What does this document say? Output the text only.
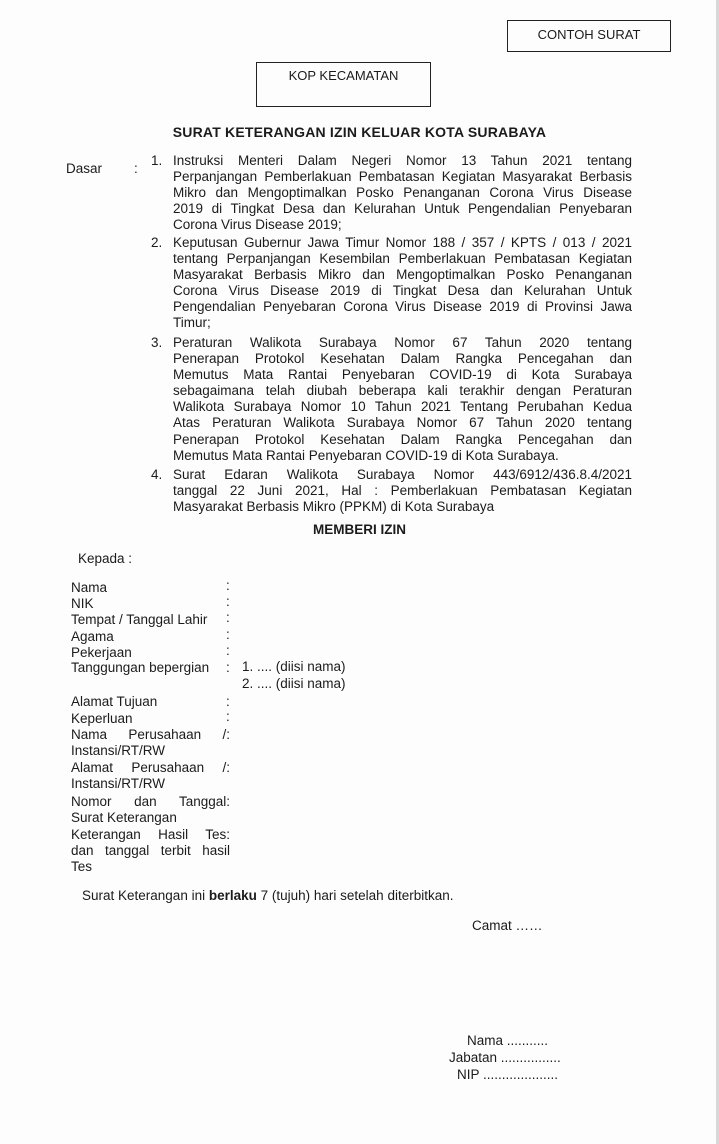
CONTOH SURAT
KOP KECAMATAN
SURAT KETERANGAN IZIN KELUAR KOTA SURABAYA
Dasar :
1. Instruksi Menteri Dalam Negeri Nomor 13 Tahun 2021 tentang

Perpanjangan Pemberlakuan Pembatasan Kegiatan Masyarakat Berbasis

Mikro dan Mengoptimalkan Posko Penanganan Corona Virus Disease

2019 di Tingkat Desa dan Kelurahan Untuk Pengendalian Penyebaran

Corona Virus Disease 2019;

2. Keputusan Gubernur Jawa Timur Nomor 188 / 357 / KPTS / 013 / 2021

tentang Perpanjangan Kesembilan Pemberlakuan Pembatasan Kegiatan

Masyarakat Berbasis Mikro dan Mengoptimalkan Posko Penanganan

Corona Virus Disease 2019 di Tingkat Desa dan Kelurahan Untuk

Pengendalian Penyebaran Corona Virus Disease 2019 di Provinsi Jawa

Timur;

3. Peraturan Walikota Surabaya Nomor 67 Tahun 2020 tentang

Penerapan Protokol Kesehatan Dalam Rangka Pencegahan dan

Memutus Mata Rantai Penyebaran COVID-19 di Kota Surabaya

sebagaimana telah diubah beberapa kali terakhir dengan Peraturan

Walikota Surabaya Nomor 10 Tahun 2021 Tentang Perubahan Kedua

Atas Peraturan Walikota Surabaya Nomor 67 Tahun 2020 tentang

Penerapan Protokol Kesehatan Dalam Rangka Pencegahan dan

Memutus Mata Rantai Penyebaran COVID-19 di Kota Surabaya.

4. Surat Edaran Walikota Surabaya Nomor 443/6912/436.8.4/2021

tanggal 22 Juni 2021, Hal : Pemberlakuan Pembatasan Kegiatan

Masyarakat Berbasis Mikro (PPKM) di Kota Surabaya

MEMBERI IZIN
Kepada :
Nama	:
NIK	:
Tempat / Tanggal Lahir :
Agama	:
Pekerjaan	:
Tanggungan bepergian : 1. .... (diisi nama)
2. .... (diisi nama)
Alamat Tujuan	:
Keperluan	:
Nama Perusahaan /:
Instansi/RT/RW
Alamat Perusahaan /:
Instansi/RT/RW
Nomor dan Tanggal:
Surat Keterangan
Keterangan Hasil Tes:
dan tanggal terbit hasil
Tes
Surat Keterangan ini berlaku 7 (tujuh) hari setelah diterbitkan.
Camat ……
Nama ...........
Jabatan ................
NIP ....................
